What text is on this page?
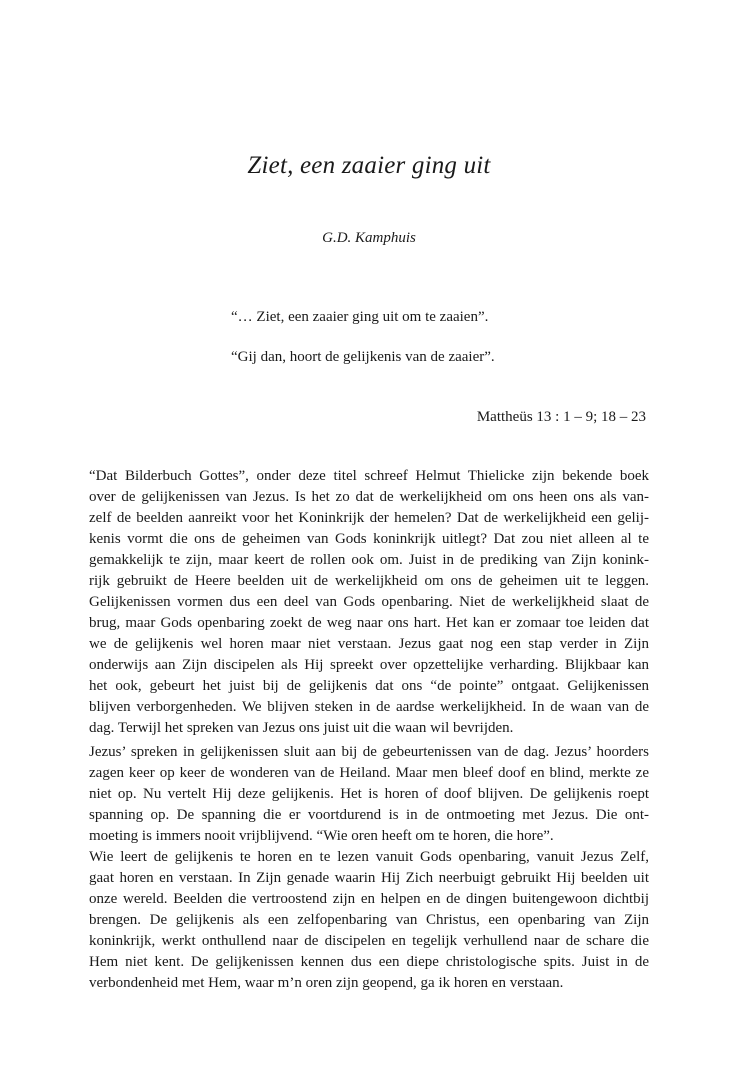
Ziet, een zaaier ging uit
G.D. Kamphuis
“… Ziet, een zaaier ging uit om te zaaien”.
“Gij dan, hoort de gelijkenis van de zaaier”.
Mattheüs 13 : 1 – 9; 18 – 23
“Dat Bilderbuch Gottes”, onder deze titel schreef Helmut Thielicke zijn bekende boek
over de gelijkenissen van Jezus. Is het zo dat de werkelijkheid om ons heen ons als van-
zelf de beelden aanreikt voor het Koninkrijk der hemelen? Dat de werkelijkheid een gelij-
kenis vormt die ons de geheimen van Gods koninkrijk uitlegt? Dat zou niet alleen al te
gemakkelijk te zijn, maar keert de rollen ook om. Juist in de prediking van Zijn konink-
rijk gebruikt de Heere beelden uit de werkelijkheid om ons de geheimen uit te leggen.
Gelijkenissen vormen dus een deel van Gods openbaring. Niet de werkelijkheid slaat de
brug, maar Gods openbaring zoekt de weg naar ons hart. Het kan er zomaar toe leiden dat
we de gelijkenis wel horen maar niet verstaan. Jezus gaat nog een stap verder in Zijn
onderwijs aan Zijn discipelen als Hij spreekt over opzettelijke verharding. Blijkbaar kan
het ook, gebeurt het juist bij de gelijkenis dat ons “de pointe” ontgaat. Gelijkenissen
blijven verborgenheden. We blijven steken in de aardse werkelijkheid. In de waan van de
dag. Terwijl het spreken van Jezus ons juist uit die waan wil bevrijden.
Jezus’ spreken in gelijkenissen sluit aan bij de gebeurtenissen van de dag. Jezus’ hoorders
zagen keer op keer de wonderen van de Heiland. Maar men bleef doof en blind, merkte ze
niet op. Nu vertelt Hij deze gelijkenis. Het is horen of doof blijven. De gelijkenis roept
spanning op. De spanning die er voortdurend is in de ontmoeting met Jezus. Die ont-
moeting is immers nooit vrijblijvend. “Wie oren heeft om te horen, die hore”.
Wie leert de gelijkenis te horen en te lezen vanuit Gods openbaring, vanuit Jezus Zelf,
gaat horen en verstaan. In Zijn genade waarin Hij Zich neerbuigt gebruikt Hij beelden uit
onze wereld. Beelden die vertroostend zijn en helpen en de dingen buitengewoon dichtbij
brengen. De gelijkenis als een zelfopenbaring van Christus, een openbaring van Zijn
koninkrijk, werkt onthullend naar de discipelen en tegelijk verhullend naar de schare die
Hem niet kent. De gelijkenissen kennen dus een diepe christologische spits. Juist in de
verbondenheid met Hem, waar m’n oren zijn geopend, ga ik horen en verstaan.
